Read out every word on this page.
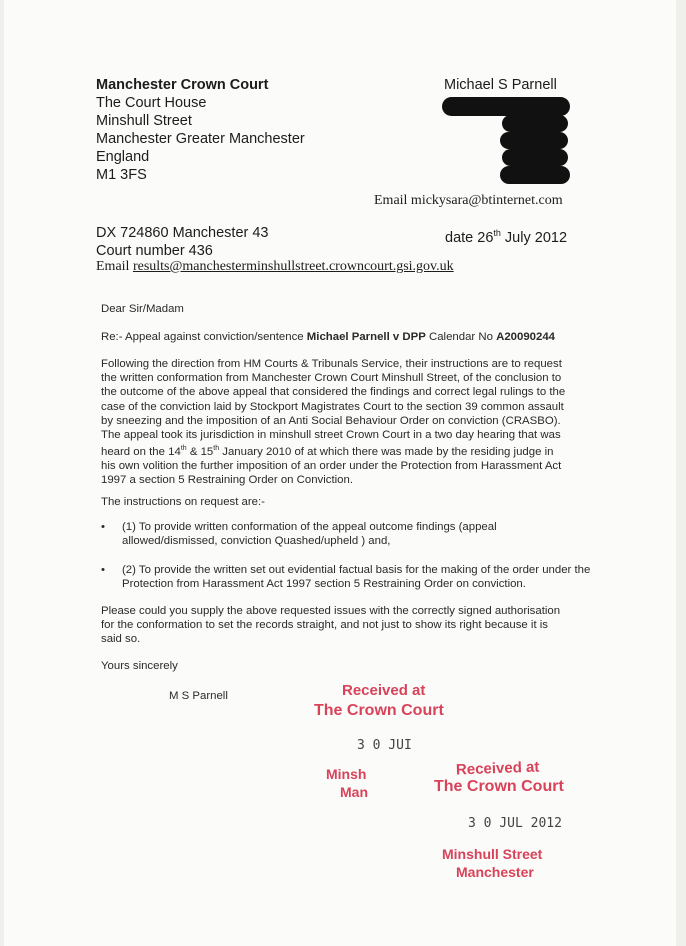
Manchester Crown Court
The Court House
Minshull Street
Manchester Greater Manchester
England
M1 3FS
Michael S Parnell
Email mickysara@btinternet.com
DX 724860 Manchester 43
Court number 436
Email results@manchesterminshullstreet.crowncourt.gsi.gov.uk
date 26th July 2012
Dear Sir/Madam
Re:- Appeal against conviction/sentence Michael Parnell v DPP Calendar No A20090244
Following the direction from HM Courts & Tribunals Service, their instructions are to request the written conformation from Manchester Crown Court Minshull Street, of the conclusion to the outcome of the above appeal that considered the findings and correct legal rulings to the case of the conviction laid by Stockport Magistrates Court to the section 39 common assault by sneezing and the imposition of an Anti Social Behaviour Order on conviction (CRASBO). The appeal took its jurisdiction in minshull street Crown Court in a two day hearing that was heard on the 14th & 15th January 2010 of at which there was made by the residing judge in his own volition the further imposition of an order under the Protection from Harassment Act 1997 a section 5 Restraining Order on Conviction.
The instructions on request are:-
• (1) To provide written conformation of the appeal outcome findings (appeal allowed/dismissed, conviction Quashed/upheld ) and,
• (2) To provide the written set out evidential factual basis for the making of the order under the Protection from Harassment Act 1997 section 5 Restraining Order on conviction.
Please could you supply the above requested issues with the correctly signed authorisation for the conformation to set the records straight, and not just to show its right because it is said so.
Yours sincerely
M S Parnell	Received at
The Crown Court
3 0 JUI
Minsh
Man
Received at
The Crown Court
3 0 JUL 2012
Minshull Street
Manchester
